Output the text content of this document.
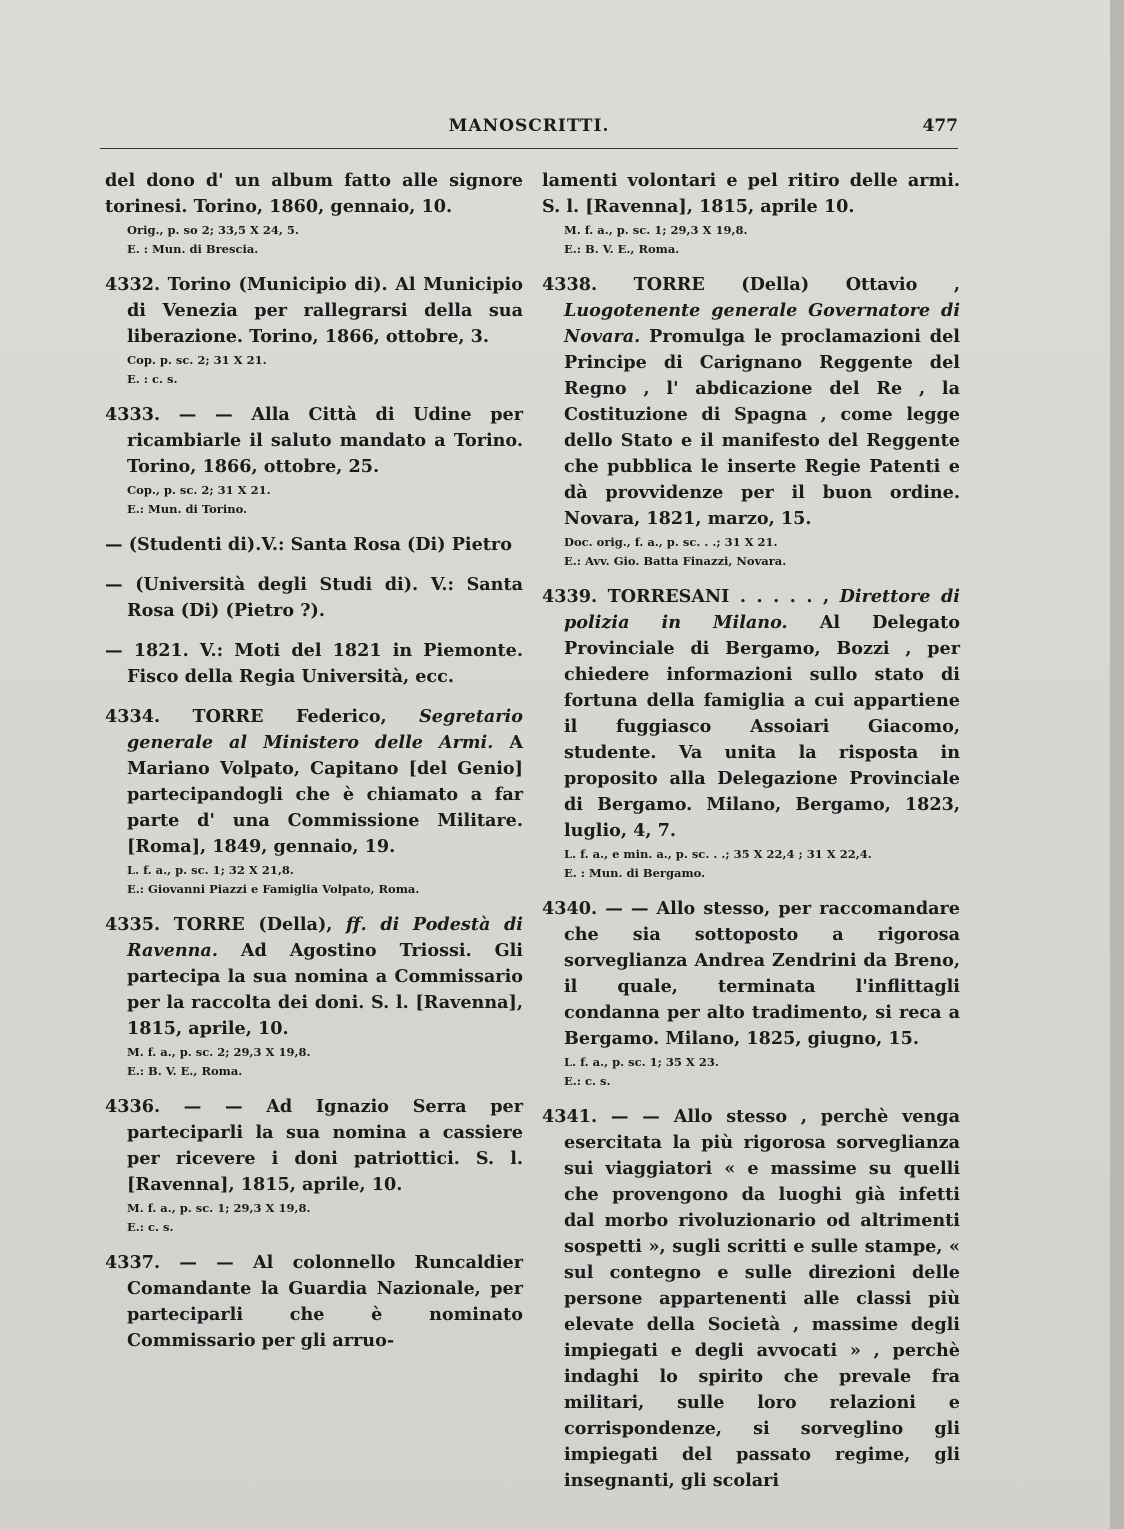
MANOSCRITTI.	477

del dono d' un album fatto alle signore torinesi. Torino, 1860, gennaio, 10.

Orig., p. so 2; 33,5 X 24, 5.
E. : Mun. di Brescia.

4332. Torino (Municipio di). Al Municipio di Venezia per rallegrarsi della sua liberazione. Torino, 1866, ottobre, 3.

Cop. p. sc. 2; 31 X 21.
E. : c. s.

4333. — — Alla Città di Udine per ricambiarle il saluto mandato a Torino. Torino, 1866, ottobre, 25.

Cop., p. sc. 2; 31 X 21.
E.: Mun. di Torino.

— (Studenti di).V.: Santa Rosa (Di) Pietro

— (Università degli Studi di). V.: Santa Rosa (Di) (Pietro ?).

— 1821. V.: Moti del 1821 in Piemonte. Fisco della Regia Università, ecc.

4334. TORRE Federico, Segretario generale al Ministero delle Armi. A Mariano Volpato, Capitano [del Genio] partecipandogli che è chiamato a far parte d' una Commissione Militare. [Roma], 1849, gennaio, 19.

L. f. a., p. sc. 1; 32 X 21,8.
E.: Giovanni Piazzi e Famiglia Volpato, Roma.

4335. TORRE (Della), ff. di Podestà di Ravenna. Ad Agostino Triossi. Gli partecipa la sua nomina a Commissario per la raccolta dei doni. S. l. [Ravenna], 1815, aprile, 10.

M. f. a., p. sc. 2; 29,3 X 19,8.
E.: B. V. E., Roma.

4336. — — Ad Ignazio Serra per parteciparli la sua nomina a cassiere per ricevere i doni patriottici. S. l. [Ravenna], 1815, aprile, 10.

M. f. a., p. sc. 1; 29,3 X 19,8.
E.: c. s.

4337. — — Al colonnello Runcaldier Comandante la Guardia Nazionale, per parteciparli che è nominato Commissario per gli arruo-

lamenti volontari e pel ritiro delle armi. S. l. [Ravenna], 1815, aprile 10.

M. f. a., p. sc. 1; 29,3 X 19,8.
E.: B. V. E., Roma.

4338. TORRE (Della) Ottavio , Luogotenente generale Governatore di Novara. Promulga le proclamazioni del Principe di Carignano Reggente del Regno , l' abdicazione del Re , la Costituzione di Spagna , come legge dello Stato e il manifesto del Reggente che pubblica le inserte Regie Patenti e dà provvidenze per il buon ordine. Novara, 1821, marzo, 15.

Doc. orig., f. a., p. sc. . .; 31 X 21.
E.: Avv. Gio. Batta Finazzi, Novara.

4339. TORRESANI . . . . . , Direttore di polizia in Milano. Al Delegato Provinciale di Bergamo, Bozzi , per chiedere informazioni sullo stato di fortuna della famiglia a cui appartiene il fuggiasco Assoiari Giacomo, studente. Va unita la risposta in proposito alla Delegazione Provinciale di Bergamo. Milano, Bergamo, 1823, luglio, 4, 7.

L. f. a., e min. a., p. sc. . .; 35 X 22,4 ; 31 X 22,4.
E. : Mun. di Bergamo.

4340. — — Allo stesso, per raccomandare che sia sottoposto a rigorosa sorveglianza Andrea Zendrini da Breno, il quale, terminata l'inflittagli condanna per alto tradimento, si reca a Bergamo. Milano, 1825, giugno, 15.

L. f. a., p. sc. 1; 35 X 23.
E.: c. s.

4341. — — Allo stesso , perchè venga esercitata la più rigorosa sorveglianza sui viaggiatori « e massime su quelli che provengono da luoghi già infetti dal morbo rivoluzionario od altrimenti sospetti », sugli scritti e sulle stampe, « sul contegno e sulle direzioni delle persone appartenenti alle classi più elevate della Società , massime degli impiegati e degli avvocati » , perchè indaghi lo spirito che prevale fra militari, sulle loro relazioni e corrispondenze, si sorveglino gli impiegati del passato regime, gli insegnanti, gli scolari
